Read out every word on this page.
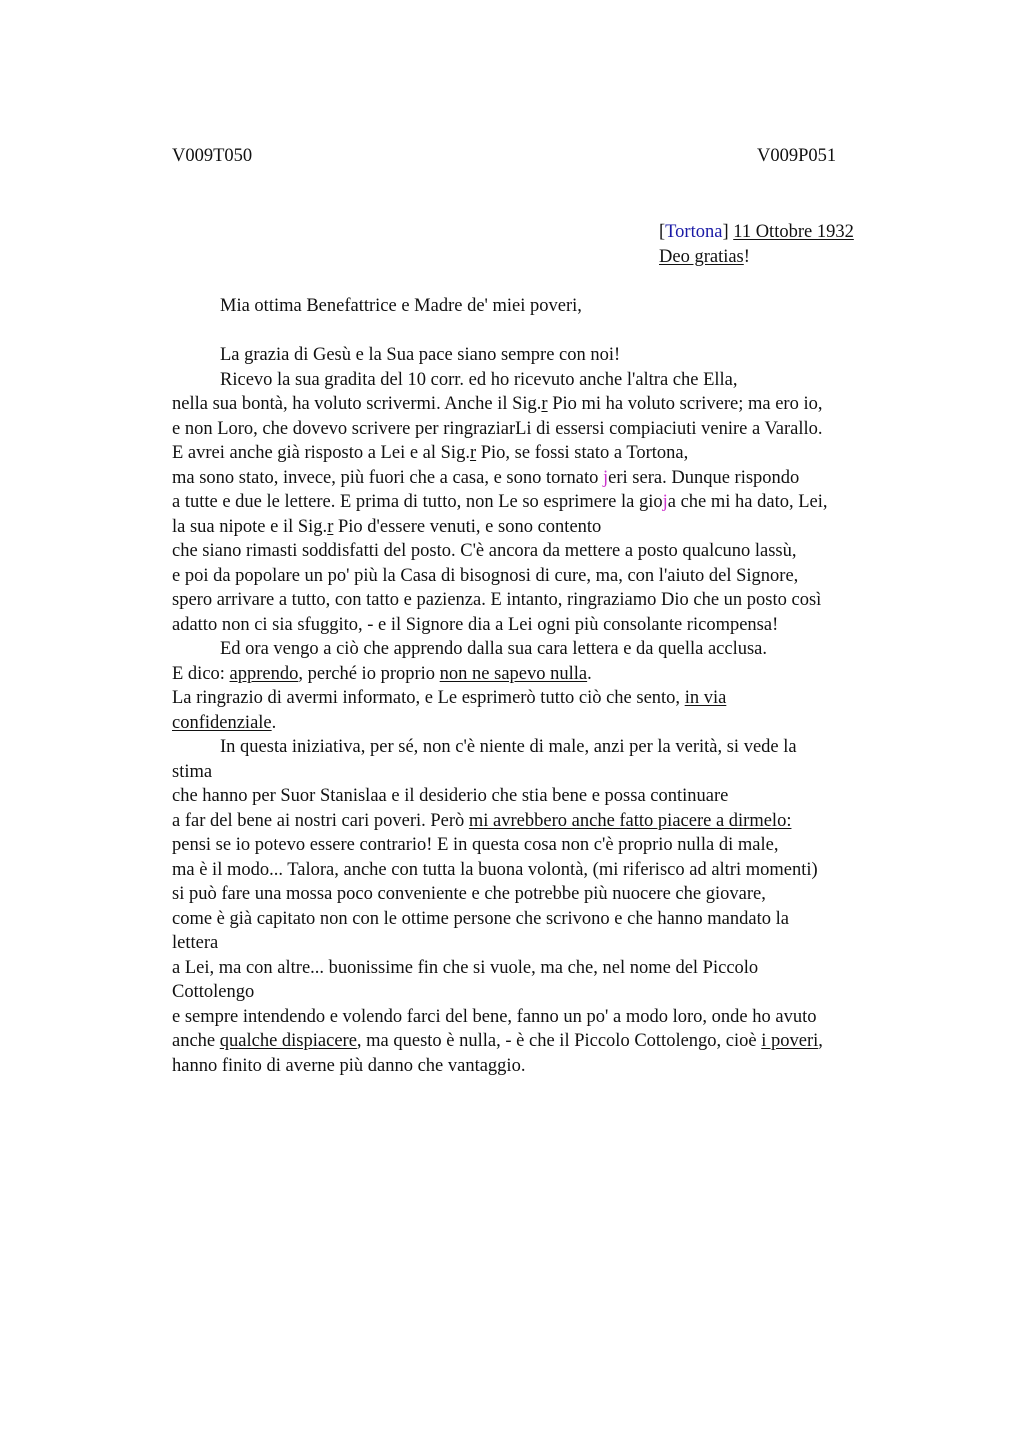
V009T050	V009P051
[Tortona] 11 Ottobre 1932
Deo gratias!
Mia ottima Benefattrice e Madre de' miei poveri,
La grazia di Gesù e la Sua pace siano sempre con noi!
Ricevo la sua gradita del 10 corr. ed ho ricevuto anche l'altra che Ella,
nella sua bontà, ha voluto scrivermi. Anche il Sig.r Pio mi ha voluto scrivere; ma ero io,
e non Loro, che dovevo scrivere per ringraziarLi di essersi compiaciuti venire a Varallo.
E avrei anche già risposto a Lei e al Sig.r Pio, se fossi stato a Tortona,
ma sono stato, invece, più fuori che a casa, e sono tornato jeri sera. Dunque rispondo
a tutte e due le lettere. E prima di tutto, non Le so esprimere la gioja che mi ha dato, Lei,
la sua nipote e il Sig.r Pio d'essere venuti, e sono contento
che siano rimasti soddisfatti del posto. C'è ancora da mettere a posto qualcuno lassù,
e poi da popolare un po' più la Casa di bisognosi di cure, ma, con l'aiuto del Signore,
spero arrivare a tutto, con tatto e pazienza. E intanto, ringraziamo Dio che un posto così
adatto non ci sia sfuggito, - e il Signore dia a Lei ogni più consolante ricompensa!
Ed ora vengo a ciò che apprendo dalla sua cara lettera e da quella acclusa.
E dico: apprendo, perché io proprio non ne sapevo nulla.
La ringrazio di avermi informato, e Le esprimerò tutto ciò che sento, in via
confidenziale.
In questa iniziativa, per sé, non c'è niente di male, anzi per la verità, si vede la
stima
che hanno per Suor Stanislaa e il desiderio che stia bene e possa continuare
a far del bene ai nostri cari poveri. Però mi avrebbero anche fatto piacere a dirmelo:
pensi se io potevo essere contrario! E in questa cosa non c'è proprio nulla di male,
ma è il modo... Talora, anche con tutta la buona volontà, (mi riferisco ad altri momenti)
si può fare una mossa poco conveniente e che potrebbe più nuocere che giovare,
come è già capitato non con le ottime persone che scrivono e che hanno mandato la
lettera
a Lei, ma con altre... buonissime fin che si vuole, ma che, nel nome del Piccolo
Cottolengo
e sempre intendendo e volendo farci del bene, fanno un po' a modo loro, onde ho avuto
anche qualche dispiacere, ma questo è nulla, - è che il Piccolo Cottolengo, cioè i poveri,
hanno finito di averne più danno che vantaggio.
